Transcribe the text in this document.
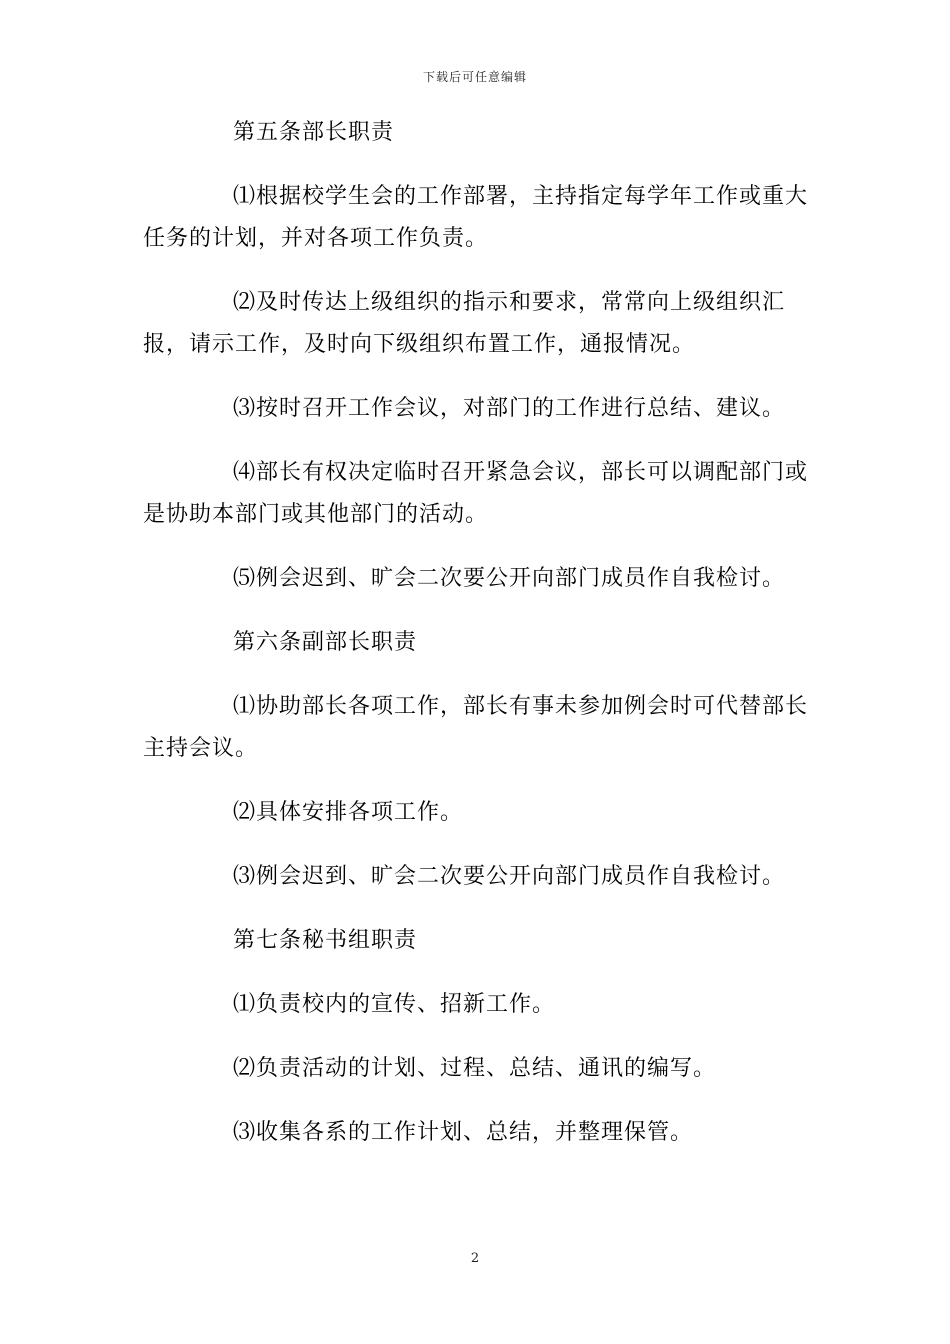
下载后可任意编辑

第五条部长职责

⑴根据校学生会的工作部署，主持指定每学年工作或重大任务的计划，并对各项工作负责。

⑵及时传达上级组织的指示和要求，常常向上级组织汇报，请示工作，及时向下级组织布置工作，通报情况。

⑶按时召开工作会议，对部门的工作进行总结、建议。

⑷部长有权决定临时召开紧急会议，部长可以调配部门或是协助本部门或其他部门的活动。

⑸例会迟到、旷会二次要公开向部门成员作自我检讨。

第六条副部长职责

⑴协助部长各项工作，部长有事未参加例会时可代替部长主持会议。

⑵具体安排各项工作。

⑶例会迟到、旷会二次要公开向部门成员作自我检讨。

第七条秘书组职责

⑴负责校内的宣传、招新工作。

⑵负责活动的计划、过程、总结、通讯的编写。

⑶收集各系的工作计划、总结，并整理保管。

2
